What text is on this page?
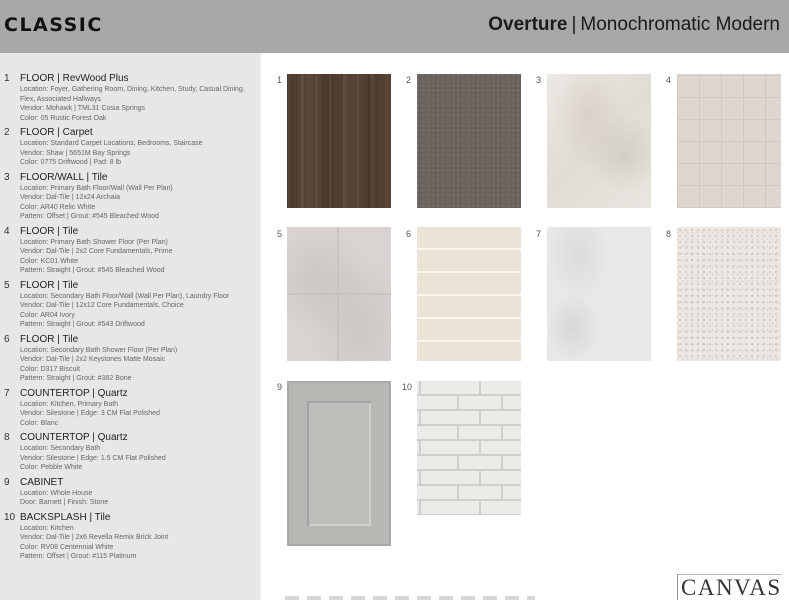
CLASSIC	Overture | Monochromatic Modern
1 FLOOR | RevWood Plus
Location: Foyer, Gathering Room, Dining, Kitchen, Study, Casual Dining, Flex, Associated Hallways
Vendor: Mohawk | TML31 Cosia Springs
Color: 05 Rustic Forest Oak
2 FLOOR | Carpet
Location: Standard Carpet Locations, Bedrooms, Staircase
Vendor: Shaw | 5651M Bay Springs
Color: 0775 Driftwood | Pad: 8 lb
3 FLOOR/WALL | Tile
Location: Primary Bath Floor/Wall (Wall Per Plan)
Vendor: Dal-Tile | 12x24 Archaia
Color: AR40 Relic White
Pattern: Offset | Grout: #545 Bleached Wood
4 FLOOR | Tile
Location: Primary Bath Shower Floor (Per Plan)
Vendor: Dal-Tile | 2x2 Core Fundamentals, Prime
Color: KC01 White
Pattern: Straight | Grout: #545 Bleached Wood
5 FLOOR | Tile
Location: Secondary Bath Floor/Wall (Wall Per Plan), Laundry Floor
Vendor: Dal-Tile | 12x12 Core Fundamentals, Choice
Color: AR04 Ivory
Pattern: Straight | Grout: #543 Driftwood
6 FLOOR | Tile
Location: Secondary Bath Shower Floor (Per Plan)
Vendor: Dal-Tile | 2x2 Keystones Matte Mosaic
Color: D317 Biscuit
Pattern: Straight | Grout: #382 Bone
7 COUNTERTOP | Quartz
Location: Kitchen, Primary Bath
Vendor: Silestone | Edge: 3 CM Flat Polished
Color: Blanc
8 COUNTERTOP | Quartz
Location: Secondary Bath
Vendor: Silestone | Edge: 1.5 CM Flat Polished
Color: Pebble White
9 CABINET
Location: Whole House
Door: Barnett | Finish: Stone
10 BACKSPLASH | Tile
Location: Kitchen
Vendor: Dal-Tile | 2x6 Revella Remix Brick Joint
Color: RV08 Centennial White
Pattern: Offset | Grout: #115 Platinum
1	2	3	4
5	6	7	8
9	10
CANVAS
